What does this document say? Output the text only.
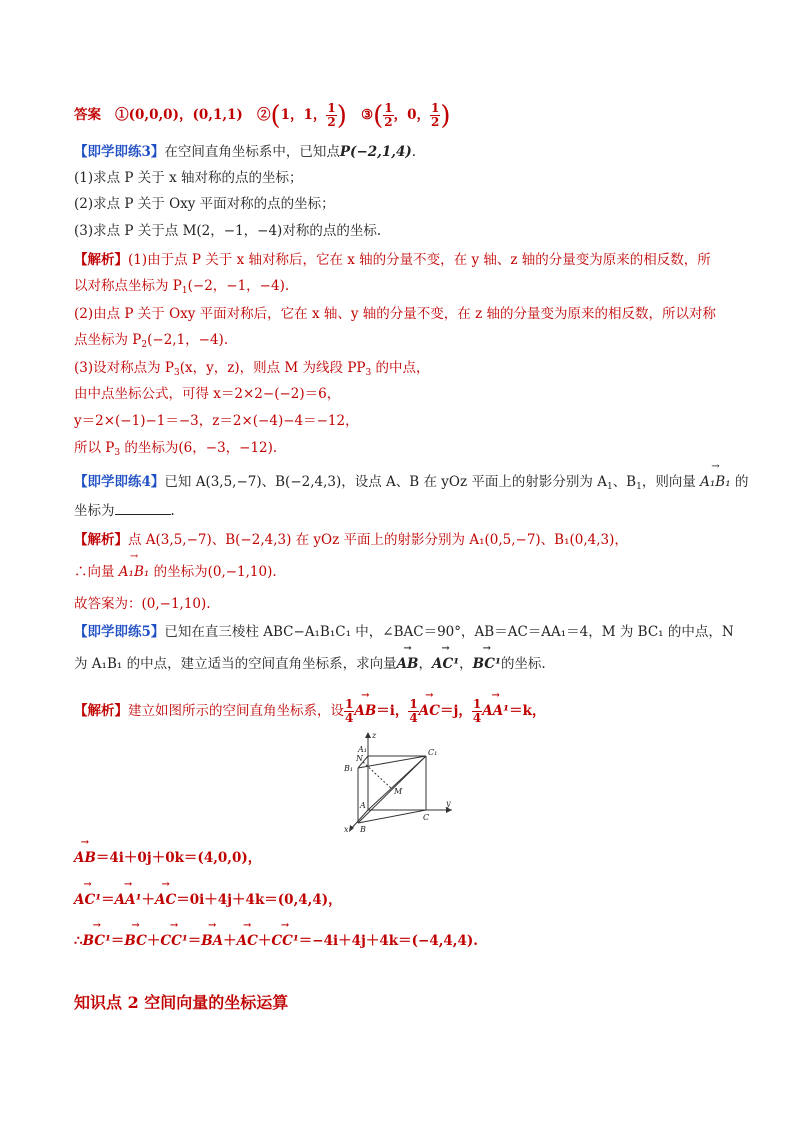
答案 ①(0,0,0)，(0,1,1) ②(1，1， $\frac{1}{2}$ ) ③( $\frac{1}{2}$ ，0， $\frac{1}{2}$ )
【即学即练3】在空间直角坐标系中，已知点P(−2,1,4).
(1)求点 P 关于 x 轴对称的点的坐标；
(2)求点 P 关于 Oxy 平面对称的点的坐标；
(3)求点 P 关于点 M(2，−1，−4)对称的点的坐标.
【解析】(1)由于点 P 关于 x 轴对称后，它在 x 轴的分量不变，在 y 轴、z 轴的分量变为原来的相反数，所
以对称点坐标为 $P_1(-2$，−1，−4).
(2)由点 P 关于 Oxy 平面对称后，它在 x 轴、y 轴的分量不变，在 z 轴的分量变为原来的相反数，所以对称
点坐标为 $P_2(-2,1$，−4).
(3)设对称点为 $P_3(x$，y，z)，则点 M 为线段 $PP_3$ 的中点，
由中点坐标公式，可得 x＝2×2−(−2)＝6，
y＝2×(−1)−1＝−3，z＝2×(−4)−4＝−12，
所以 $P_3$ 的坐标为(6，−3，−12).
【即学即练4】已知 A(3,5,−7)、B(−2,4,3)，设点 A、B 在 yOz 平面上的射影分别为 $A_1$、$B_1$，则向量 → A₁B₁ 的
坐标为	.
【解析】点 A(3,5,−7)、B(−2,4,3) 在 yOz 平面上的射影分别为 A₁(0,5,−7)、B₁(0,4,3)，
∴向量 → A₁B₁ 的坐标为(0,−1,10).
故答案为：(0,−1,10).
【即学即练5】已知在直三棱柱 ABC−A₁B₁C₁ 中，∠BAC＝90°，AB＝AC＝AA₁＝4，M 为 BC₁ 的中点，N
为 A₁B₁ 的中点，建立适当的空间直角坐标系，求向量→ AB，→ AC¹，→ BC¹的坐标.
【解析】建立如图所示的空间直角坐标系，设 $\frac{1}{4}$
→ AB＝i， $\frac{1}{4}$
→ AC＝j， $\frac{1}{4}$
→ AA¹＝k，
z
A₁
N
C₁
B₁
M
A
C
y
B
x
→ AB＝4i＋0j＋0k＝(4,0,0)，
→ AC¹＝→ AA¹＋→ AC＝0i＋4j＋4k＝(0,4,4)，
∴→ BC¹＝→ BC＋→ CC¹＝→ BA＋→ AC＋→ CC¹＝−4i＋4j＋4k＝(−4,4,4).
知识点 2 空间向量的坐标运算
